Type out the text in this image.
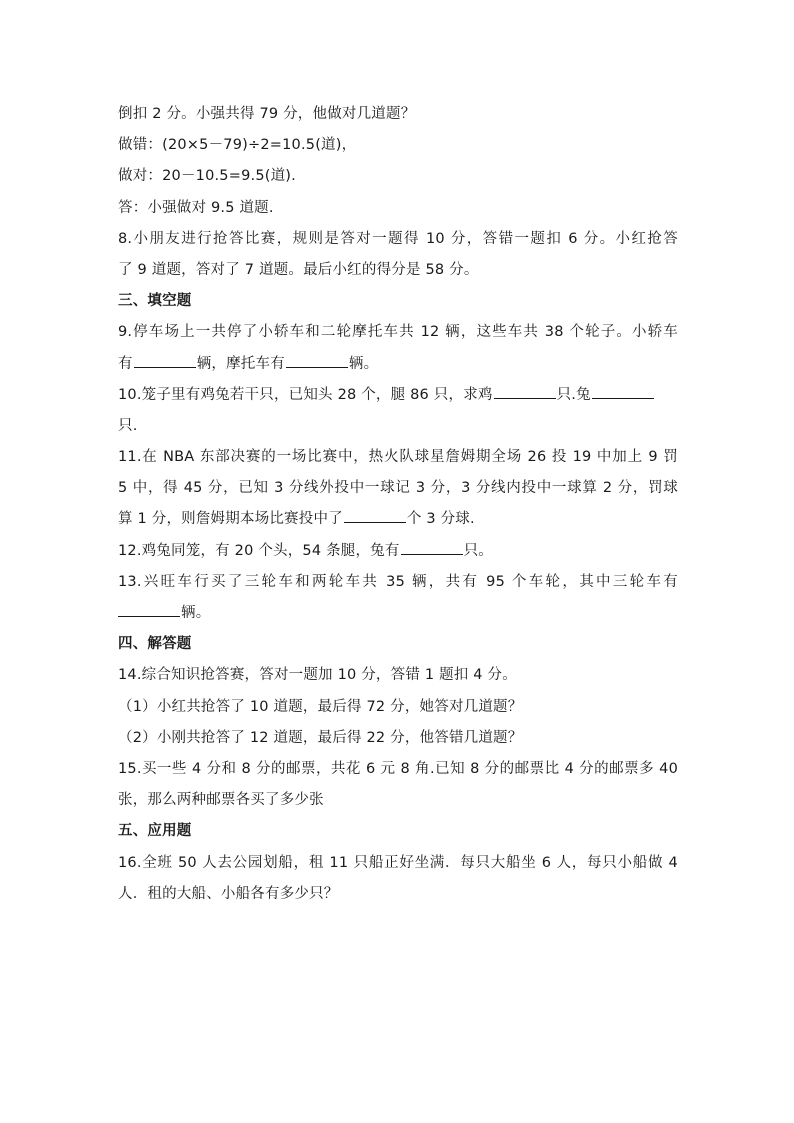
倒扣 2 分。小强共得 79 分，他做对几道题？
做错：(20×5－79)÷2=10.5(道)，
做对：20－10.5=9.5(道).
答：小强做对 9.5 道题.
8.小朋友进行抢答比赛，规则是答对一题得 10 分，答错一题扣 6 分。小红抢答
了 9 道题，答对了 7 道题。最后小红的得分是 58 分。
三、填空题
9.停车场上一共停了小轿车和二轮摩托车共 12 辆，这些车共 38 个轮子。小轿车
有	辆，摩托车有	辆。
10.笼子里有鸡兔若干只，已知头 28 个，腿 86 只，求鸡	只.兔
只.
11.在 NBA 东部决赛的一场比赛中，热火队球星詹姆期全场 26 投 19 中加上 9 罚
5 中，得 45 分，已知 3 分线外投中一球记 3 分，3 分线内投中一球算 2 分，罚球
算 1 分，则詹姆期本场比赛投中了	个 3 分球.
12.鸡兔同笼，有 20 个头，54 条腿，兔有	只。
13.兴旺车行买了三轮车和两轮车共 35 辆，共有 95 个车轮，其中三轮车有
辆。
四、解答题
14.综合知识抢答赛，答对一题加 10 分，答错 1 题扣 4 分。
（1）小红共抢答了 10 道题，最后得 72 分，她答对几道题？
（2）小刚共抢答了 12 道题，最后得 22 分，他答错几道题？
15.买一些 4 分和 8 分的邮票，共花 6 元 8 角.已知 8 分的邮票比 4 分的邮票多 40
张，那么两种邮票各买了多少张
五、应用题
16.全班 50 人去公园划船，租 11 只船正好坐满．每只大船坐 6 人，每只小船做 4
人．租的大船、小船各有多少只？
